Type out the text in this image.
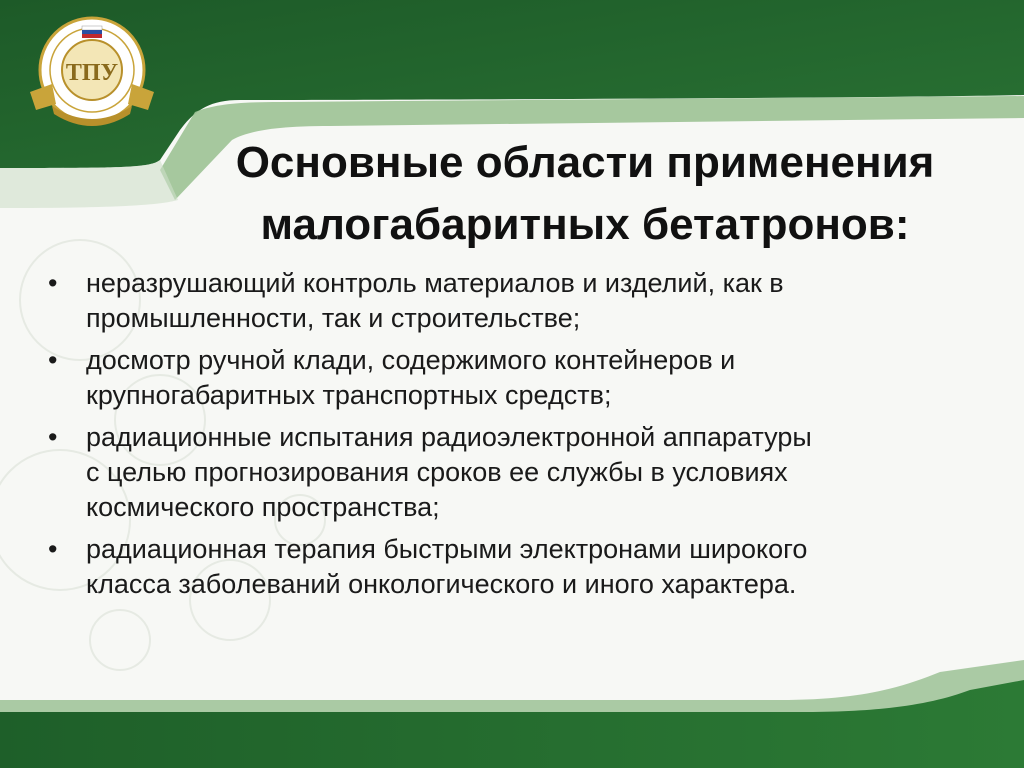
ТПУ
Основные области применения
малогабаритных бетатронов:
• неразрушающий контроль материалов и изделий, как в
промышленности, так и строительстве;
• досмотр ручной клади, содержимого контейнеров и
крупногабаритных транспортных средств;
• радиационные испытания радиоэлектронной аппаратуры
с целью прогнозирования сроков ее службы в условиях
космического пространства;
• радиационная терапия быстрыми электронами широкого
класса заболеваний онкологического и иного характера.
